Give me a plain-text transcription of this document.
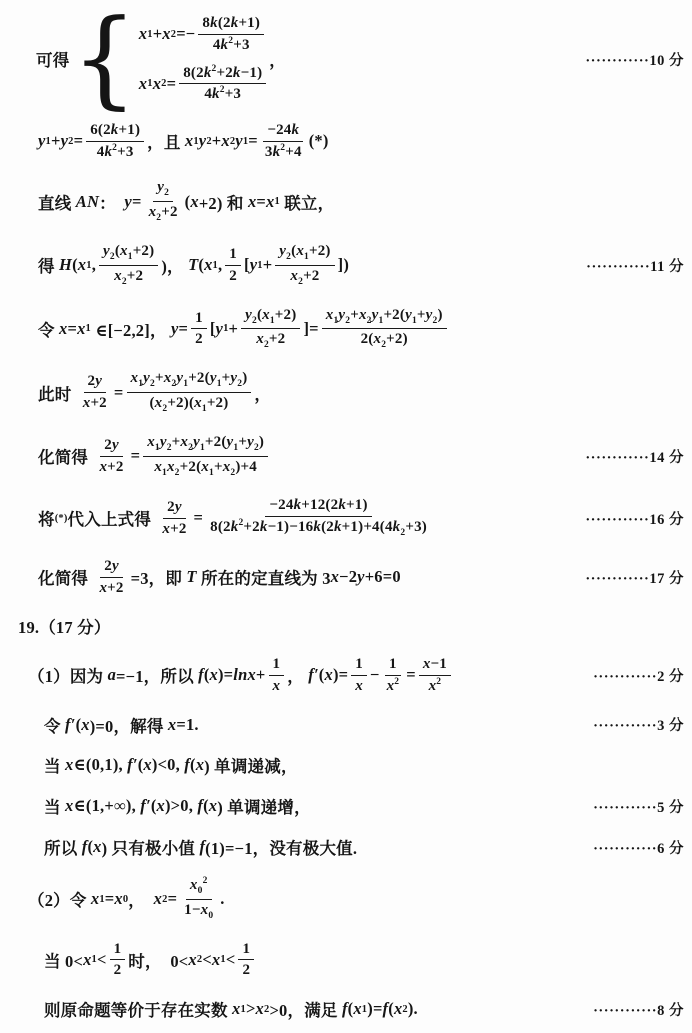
可得 { x 1 + x $2 =- \frac{8k(2k+1)}{4k^2+3}$
x 1 x $2 = \frac{8(2k^2+2k-1)}{4k^2+3}$
，	············10 分
y 1 + y $2 = \frac{6(2k+1)}{4k^2+3}$ ，且 x 1 y 2 + x 2 y $1 = \frac{-24k}{3k^2+4}$ (*)
直线 AN ： $y = \frac{y_2}{x_2+2}$ ( x +2) 和 x = x 1 联立，
得 H ( x 1 , $\frac{y_2(x_1+2)}{x_2+2}$ )， T ( x 1 , $\frac{1}{2}$ [ y $1 + \frac{y_2(x_1+2)}{x_2+2}$ ])	············11 分
令 x = x 1 ∈[−2,2]， $y = \frac{1}{2}$ [ y $1 + \frac{y_2(x_1+2)}{x_2+2}$ ]= $\frac{x_1y_2+x_2y_1+2(y_1+y_2)}{2(x_2+2)}$
此时 $\frac{2y}{x+2} = \frac{x_1y_2+x_2y_1+2(y_1+y_2)}{(x_2+2)(x_1+2)}$ ，
化简得 $\frac{2y}{x+2} = \frac{x_1y_2+x_2y_1+2(y_1+y_2)}{x_1x_2+2(x_1+x_2)+4}$	············14 分
将 (*) 代入上式得 $\frac{2y}{x+2} = \frac{-24k+12(2k+1)}{8(2k^2+2k-1)-16k(2k+1)+4(4k_2+3)}$	············16 分
化简得 $\frac{2y}{x+2} =3$，即 T 所在的定直线为 3 x −2 y +6=0	············17 分
19.（17 分）
（1）因为 a =−1，所以 f ( x )= $\ln x + \frac{1}{x}$ ， f′ ( x )= $\frac{1}{x} - \frac{1}{x^2} = \frac{x-1}{x^2}$	············2 分
令 f′ ( x )=0，解得 x =1.	············3 分
当 x ∈(0,1), f′ ( x )<0, f ( x ) 单调递减，
当 x ∈(1,+∞), f′ ( x )>0, f ( x ) 单调递增，	············5 分
所以 f ( x ) 只有极小值 f (1)=−1，没有极大值.	············6 分
（2）令 x 1 = x 0 ， x $2 = \frac{x_0^2}{1-x_0}$ .
当 0< x $1 < \frac{1}{2}$ 时，  0< x 2 < x $1 < \frac{1}{2}$
则原命题等价于存在实数 x 1 > x 2 >0，满足 f ( x 1 )= f ( x 2 ).	············8 分
